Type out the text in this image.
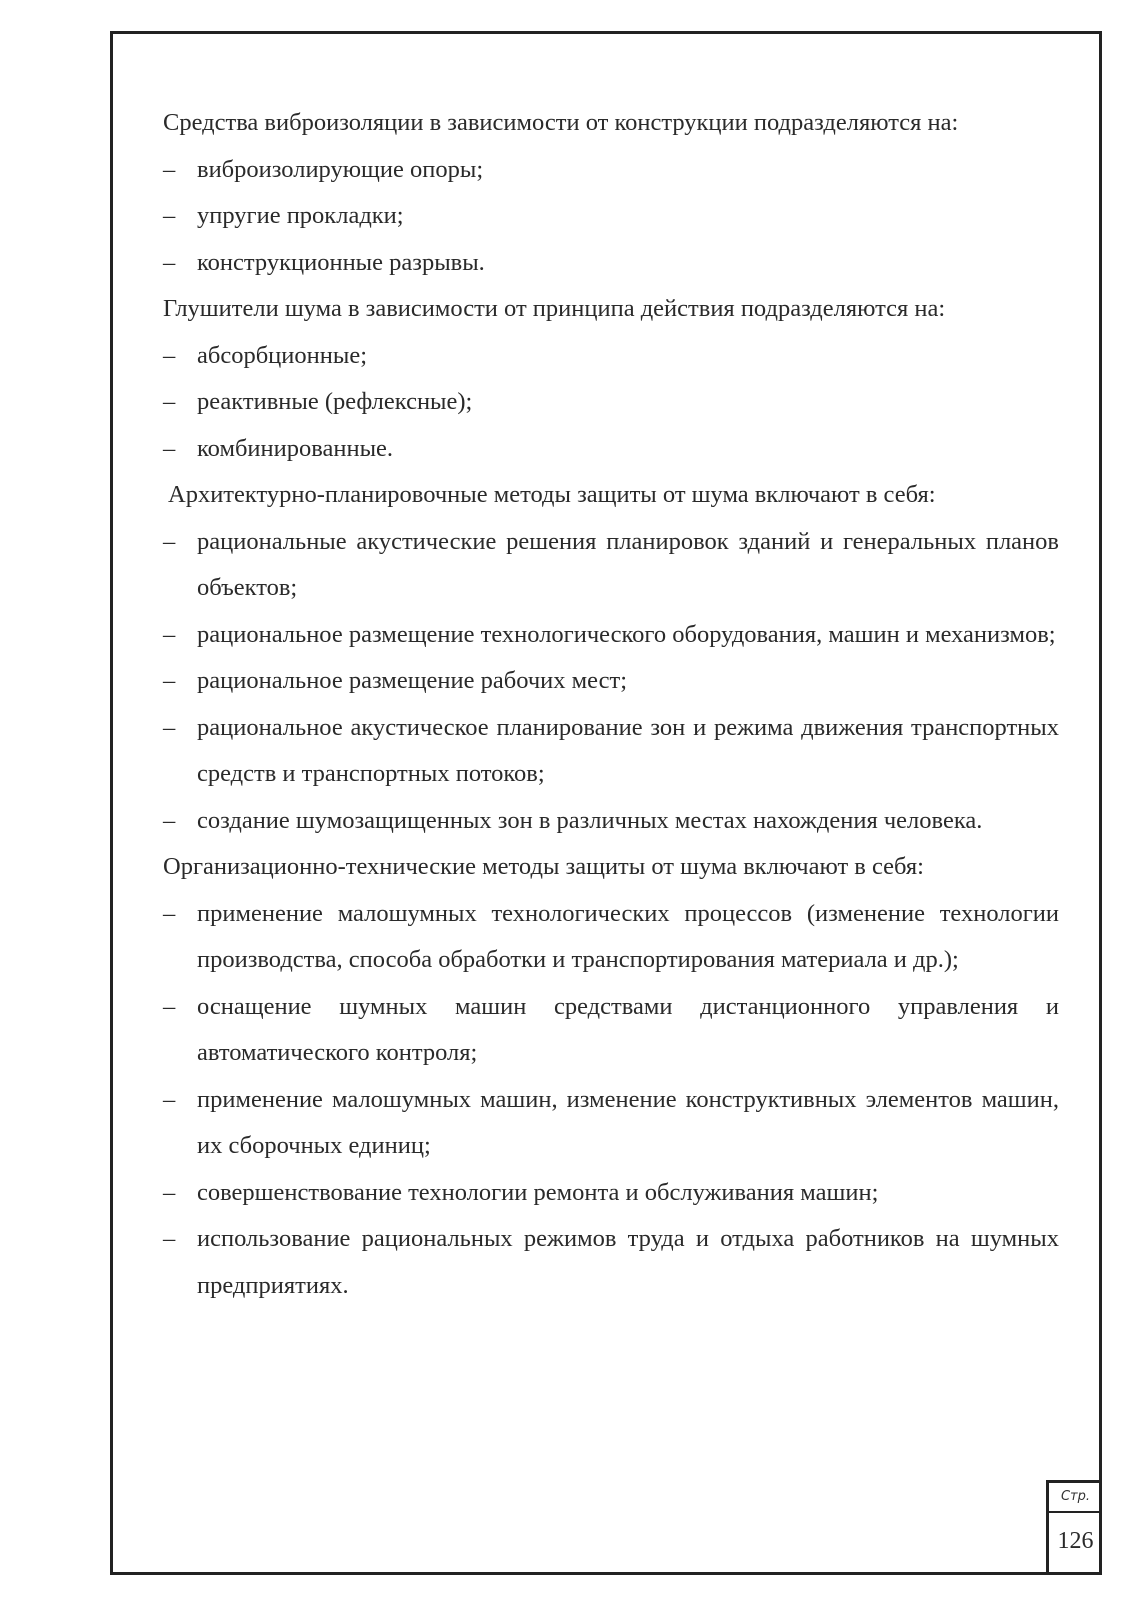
Средства виброизоляции в зависимости от конструкции подразделяются на:

– виброизолирующие опоры;
– упругие прокладки;
– конструкционные разрывы.

Глушители шума в зависимости от принципа действия подразделяются на:

– абсорбционные;
– реактивные (рефлексные);
– комбинированные.

Архитектурно-планировочные методы защиты от шума включают в себя:

– рациональные акустические решения планировок зданий и генеральных планов объектов;
– рациональное размещение технологического оборудования, машин и механизмов;
– рациональное размещение рабочих мест;
– рациональное акустическое планирование зон и режима движения транспортных средств и транспортных потоков;
– создание шумозащищенных зон в различных местах нахождения человека.

Организационно-технические методы защиты от шума включают в себя:

– применение малошумных технологических процессов (изменение технологии производства, способа обработки и транспортирования материала и др.);
– оснащение шумных машин средствами дистанционного управления и автоматического контроля;
– применение малошумных машин, изменение конструктивных элементов машин, их сборочных единиц;
– совершенствование технологии ремонта и обслуживания машин;
– использование рациональных режимов труда и отдыха работников на шумных предприятиях.
Стр.
126
